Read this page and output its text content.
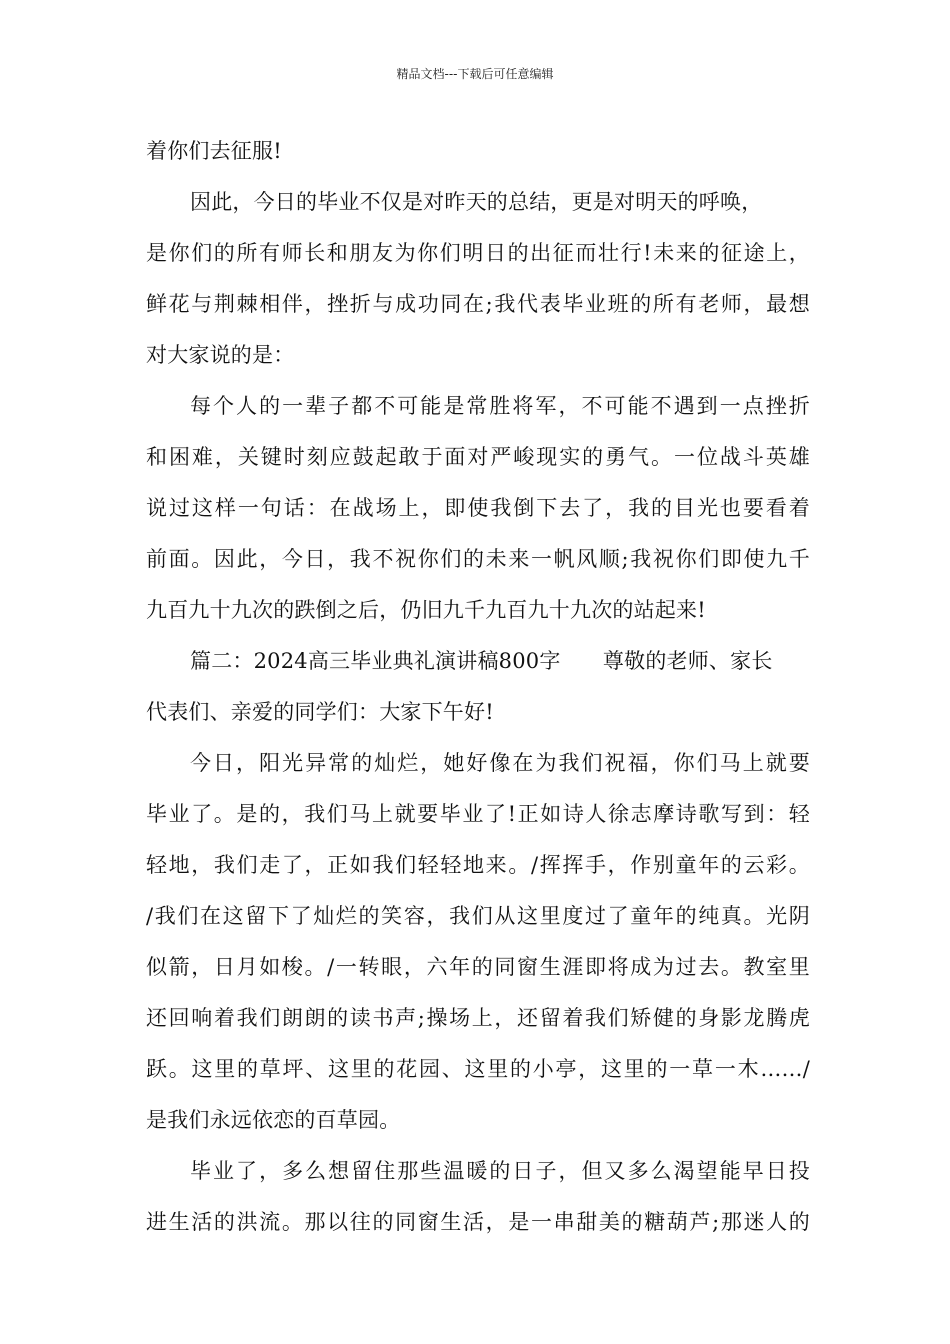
精品文档---下载后可任意编辑
着你们去征服!
因此，今日的毕业不仅是对昨天的总结，更是对明天的呼唤，
是你们的所有师长和朋友为你们明日的出征而壮行!未来的征途上，
鲜花与荆棘相伴，挫折与成功同在;我代表毕业班的所有老师，最想
对大家说的是：
每个人的一辈子都不可能是常胜将军，不可能不遇到一点挫折
和困难，关键时刻应鼓起敢于面对严峻现实的勇气。一位战斗英雄
说过这样一句话：在战场上，即使我倒下去了，我的目光也要看着
前面。因此，今日，我不祝你们的未来一帆风顺;我祝你们即使九千
九百九十九次的跌倒之后，仍旧九千九百九十九次的站起来!
篇二：2024高三毕业典礼演讲稿800字　　尊敬的老师、家长
代表们、亲爱的同学们：大家下午好!
今日，阳光异常的灿烂，她好像在为我们祝福，你们马上就要
毕业了。是的，我们马上就要毕业了!正如诗人徐志摩诗歌写到：轻
轻地，我们走了，正如我们轻轻地来。/挥挥手，作别童年的云彩。
/我们在这留下了灿烂的笑容，我们从这里度过了童年的纯真。光阴
似箭，日月如梭。/一转眼，六年的同窗生涯即将成为过去。教室里
还回响着我们朗朗的读书声;操场上，还留着我们矫健的身影龙腾虎
跃。这里的草坪、这里的花园、这里的小亭，这里的一草一木……/
是我们永远依恋的百草园。
毕业了，多么想留住那些温暖的日子，但又多么渴望能早日投
进生活的洪流。那以往的同窗生活，是一串甜美的糖葫芦;那迷人的
